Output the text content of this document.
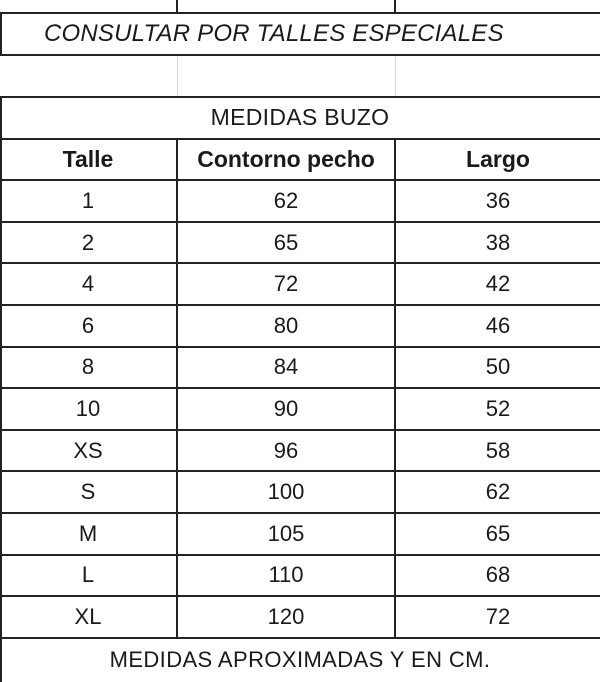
CONSULTAR POR TALLES ESPECIALES
MEDIDAS BUZO
Talle	Contorno pecho	Largo
1	62	36
2	65	38
4	72	42
6	80	46
8	84	50
10	90	52
XS	96	58
S	100	62
M	105	65
L	110	68
XL	120	72
MEDIDAS APROXIMADAS Y EN CM.
